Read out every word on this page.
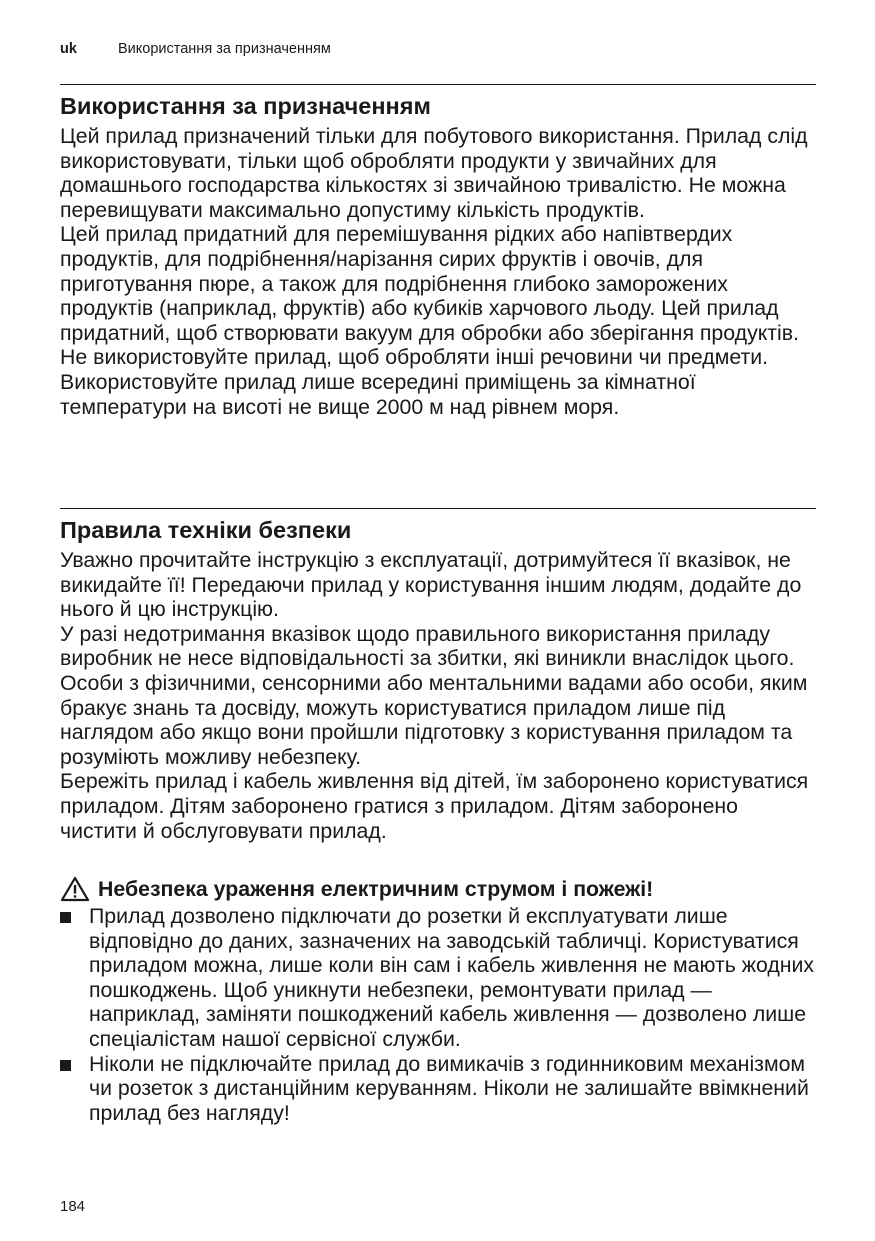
uk	Використання за призначенням
Використання за призначенням

Цей прилад призначений тільки для побутового використання. Прилад слід використовувати, тільки щоб обробляти продукти у звичайних для домашнього господарства кількостях зі звичайною тривалістю. Не можна перевищувати максимально допустиму кількість продуктів.

Цей прилад придатний для перемішування рідких або напівтвердих продуктів, для подрібнення/нарізання сирих фруктів і овочів, для приготування пюре, а також для подрібнення глибоко заморожених продуктів (наприклад, фруктів) або кубиків харчового льоду. Цей прилад придатний, щоб створювати вакуум для обробки або зберігання продуктів. Не використовуйте прилад, щоб обробляти інші речовини чи предмети.

Використовуйте прилад лише всередині приміщень за кімнатної температури на висоті не вище 2000 м над рівнем моря.

Правила техніки безпеки

Уважно прочитайте інструкцію з експлуатації, дотримуйтеся її вказівок, не викидайте її! Передаючи прилад у користування іншим людям, додайте до нього й цю інструкцію.

У разі недотримання вказівок щодо правильного використання приладу виробник не несе відповідальності за збитки, які виникли внаслідок цього.

Особи з фізичними, сенсорними або ментальними вадами або особи, яким бракує знань та досвіду, можуть користуватися приладом лише під наглядом або якщо вони пройшли підготовку з користування приладом та розуміють можливу небезпеку.

Бережіть прилад і кабель живлення від дітей, їм заборонено користуватися приладом. Дітям заборонено гратися з приладом. Дітям заборонено чистити й обслуговувати прилад.

Небезпека ураження електричним струмом і пожежі!
Прилад дозволено підключати до розетки й експлуатувати лише відповідно до даних, зазначених на заводській табличці. Користуватися приладом можна, лише коли він сам і кабель живлення не мають жодних пошкоджень. Щоб уникнути небезпеки, ремонтувати прилад — наприклад, заміняти пошкоджений кабель живлення — дозволено лише спеціалістам нашої сервісної служби.
Ніколи не підключайте прилад до вимикачів з годинниковим механізмом чи розеток з дистанційним керуванням. Ніколи не залишайте ввімкнений прилад без нагляду!
184
